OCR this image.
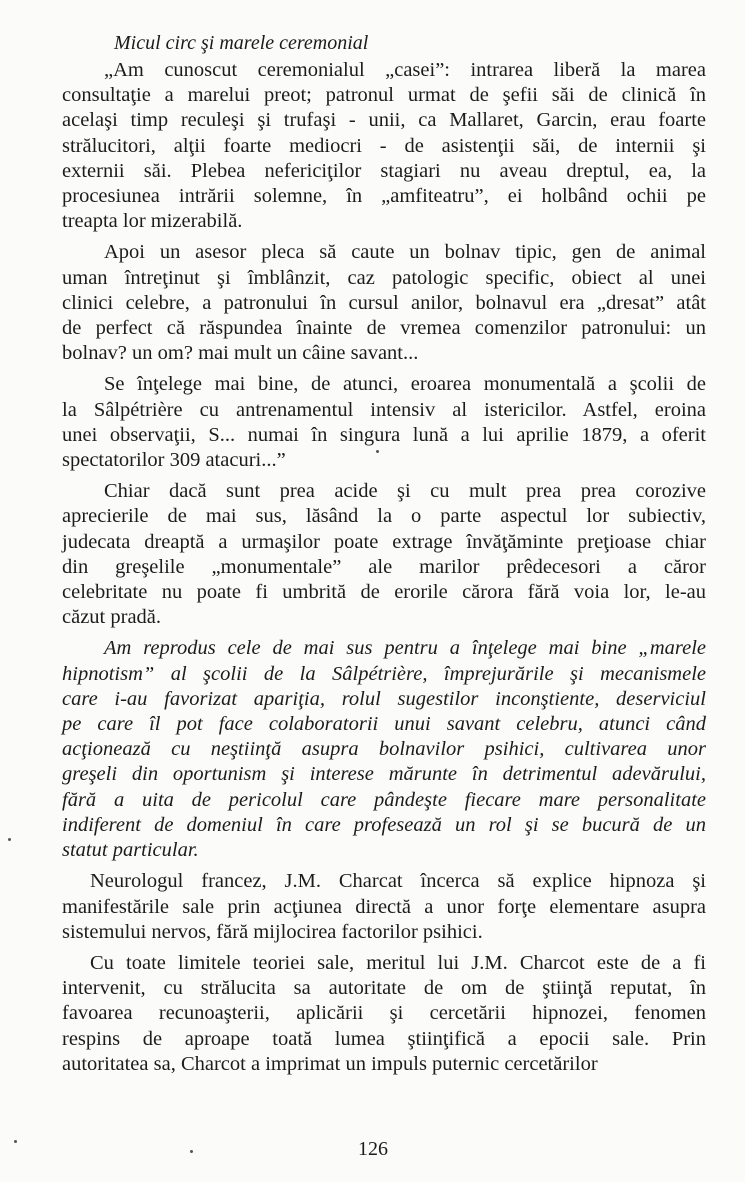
Micul circ şi marele ceremonial
„Am cunoscut ceremonialul „casei”: intrarea liberă la marea
consultaţie a marelui preot; patronul urmat de şefii săi de clinică în
acelaşi timp reculeşi şi trufaşi - unii, ca Mallaret, Garcin, erau foarte
strălucitori, alţii foarte mediocri - de asistenţii săi, de internii şi
externii săi. Plebea nefericiţilor stagiari nu aveau dreptul, ea, la
procesiunea intrării solemne, în „amfiteatru”, ei holbând ochii pe
treapta lor mizerabilă.
Apoi un asesor pleca să caute un bolnav tipic, gen de animal
uman întreţinut şi îmblânzit, caz patologic specific, obiect al unei
clinici celebre, a patronului în cursul anilor, bolnavul era „dresat” atât
de perfect că răspundea înainte de vremea comenzilor patronului: un
bolnav? un om? mai mult un câine savant...
Se înţelege mai bine, de atunci, eroarea monumentală a şcolii de
la Sâlpétrière cu antrenamentul intensiv al istericilor. Astfel, eroina
unei observaţii, S... numai în singura lună a lui aprilie 1879, a oferit
spectatorilor 309 atacuri...”
Chiar dacă sunt prea acide şi cu mult prea prea corozive
aprecierile de mai sus, lăsând la o parte aspectul lor subiectiv,
judecata dreaptă a urmaşilor poate extrage învăţăminte preţioase chiar
din greşelile „monumentale” ale marilor prêdecesori a căror
celebritate nu poate fi umbrită de erorile cărora fără voia lor, le-au
căzut pradă.
Am reprodus cele de mai sus pentru a înţelege mai bine „marele
hipnotism” al şcolii de la Sâlpétrière, împrejurările şi mecanismele
care i-au favorizat apariţia, rolul sugestilor inconştiente, deserviciul
pe care îl pot face colaboratorii unui savant celebru, atunci când
acţionează cu neştiinţă asupra bolnavilor psihici, cultivarea unor
greşeli din oportunism şi interese mărunte în detrimentul adevărului,
fără a uita de pericolul care pândeşte fiecare mare personalitate
indiferent de domeniul în care profesează un rol şi se bucură de un
statut particular.
Neurologul francez, J.M. Charcat încerca să explice hipnoza şi
manifestările sale prin acţiunea directă a unor forţe elementare asupra
sistemului nervos, fără mijlocirea factorilor psihici.
Cu toate limitele teoriei sale, meritul lui J.M. Charcot este de a fi
intervenit, cu strălucita sa autoritate de om de ştiinţă reputat, în
favoarea recunoaşterii, aplicării şi cercetării hipnozei, fenomen
respins de aproape toată lumea ştiinţifică a epocii sale. Prin
autoritatea sa, Charcot a imprimat un impuls puternic cercetărilor
126
